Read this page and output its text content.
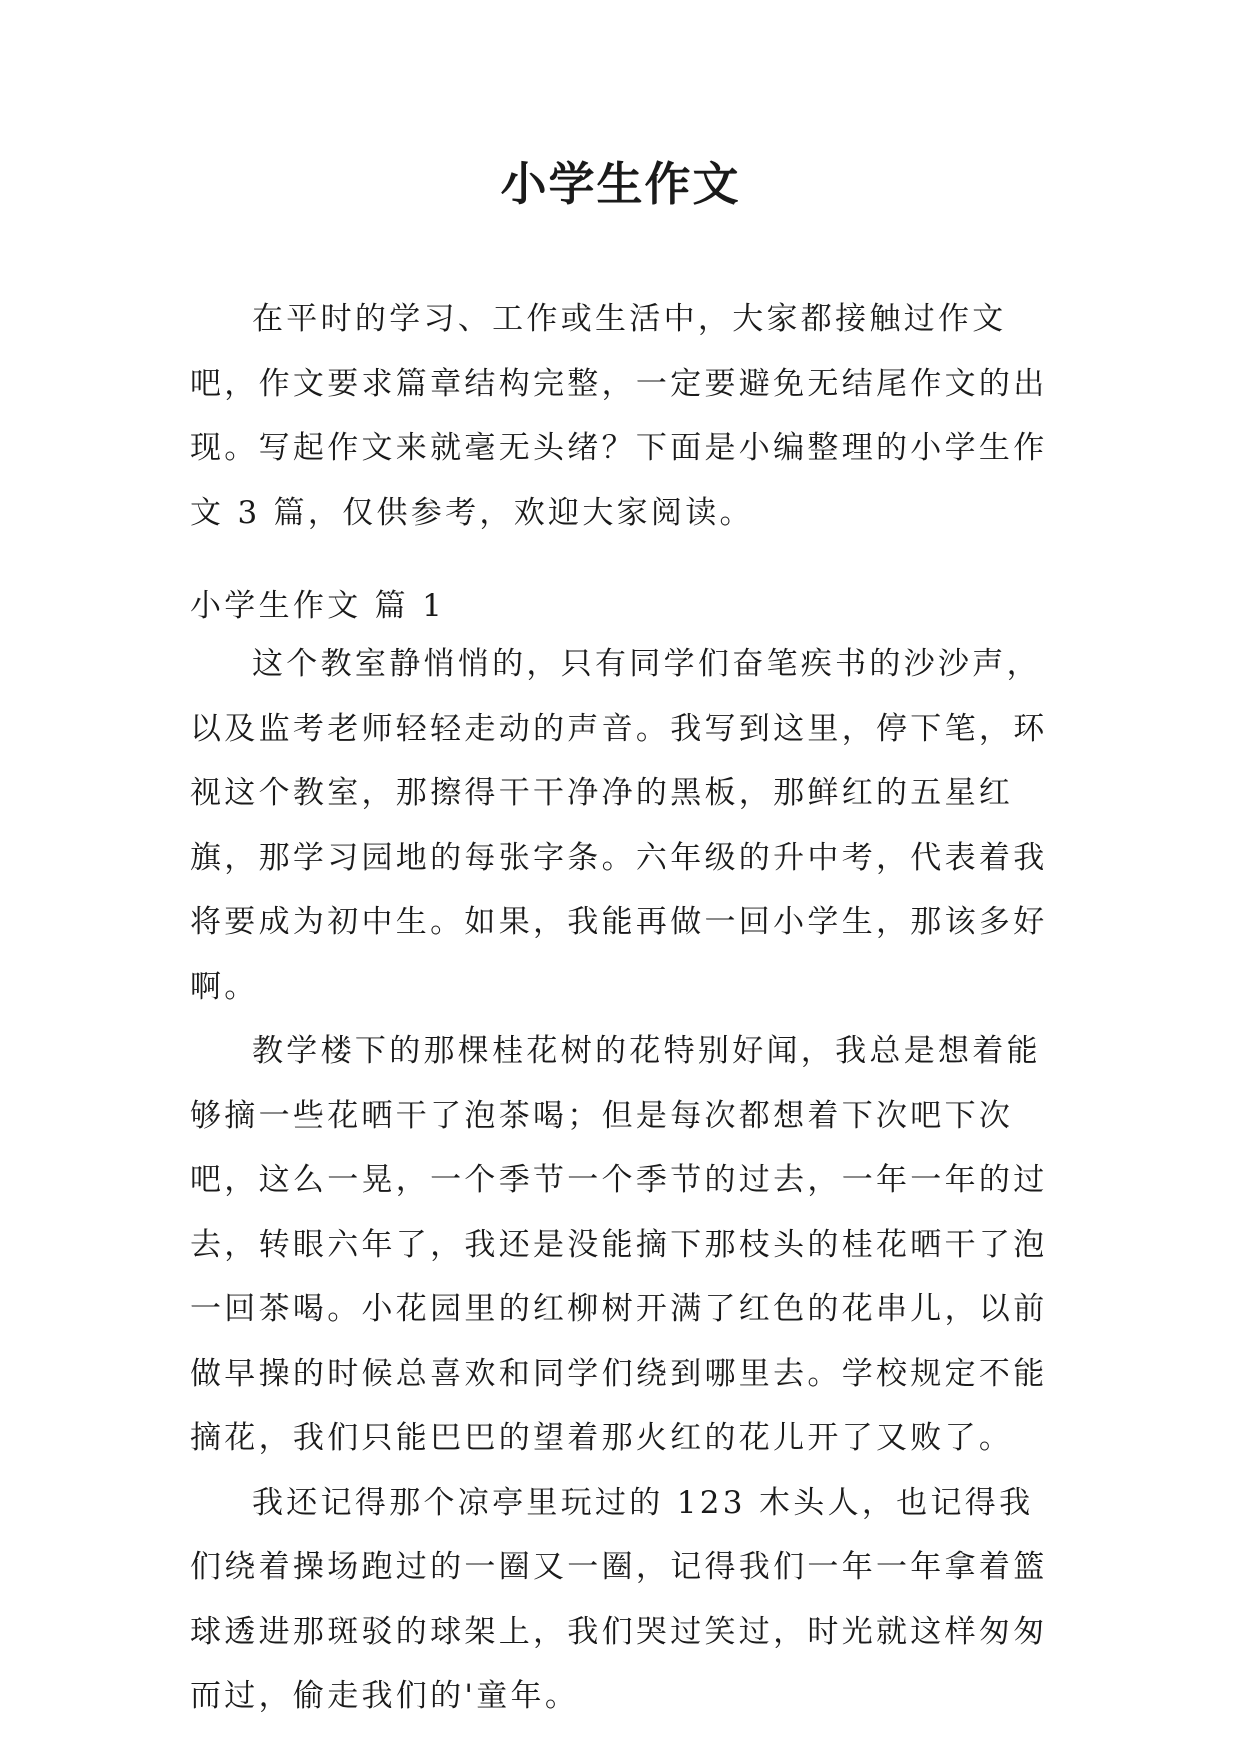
小学生作文

在平时的学习、工作或生活中，大家都接触过作文吧，作文要求篇章结构完整，一定要避免无结尾作文的出现。写起作文来就毫无头绪？下面是小编整理的小学生作文 3 篇，仅供参考，欢迎大家阅读。

小学生作文 篇 1

这个教室静悄悄的，只有同学们奋笔疾书的沙沙声，以及监考老师轻轻走动的声音。我写到这里，停下笔，环视这个教室，那擦得干干净净的黑板，那鲜红的五星红旗，那学习园地的每张字条。六年级的升中考，代表着我将要成为初中生。如果，我能再做一回小学生，那该多好啊。

教学楼下的那棵桂花树的花特别好闻，我总是想着能够摘一些花晒干了泡茶喝；但是每次都想着下次吧下次吧，这么一晃，一个季节一个季节的过去，一年一年的过去，转眼六年了，我还是没能摘下那枝头的桂花晒干了泡一回茶喝。小花园里的红柳树开满了红色的花串儿，以前做早操的时候总喜欢和同学们绕到哪里去。学校规定不能摘花，我们只能巴巴的望着那火红的花儿开了又败了。

我还记得那个凉亭里玩过的 123 木头人，也记得我们绕着操场跑过的一圈又一圈，记得我们一年一年拿着篮球透进那斑驳的球架上，我们哭过笑过，时光就这样匆匆而过，偷走我们的'童年。
